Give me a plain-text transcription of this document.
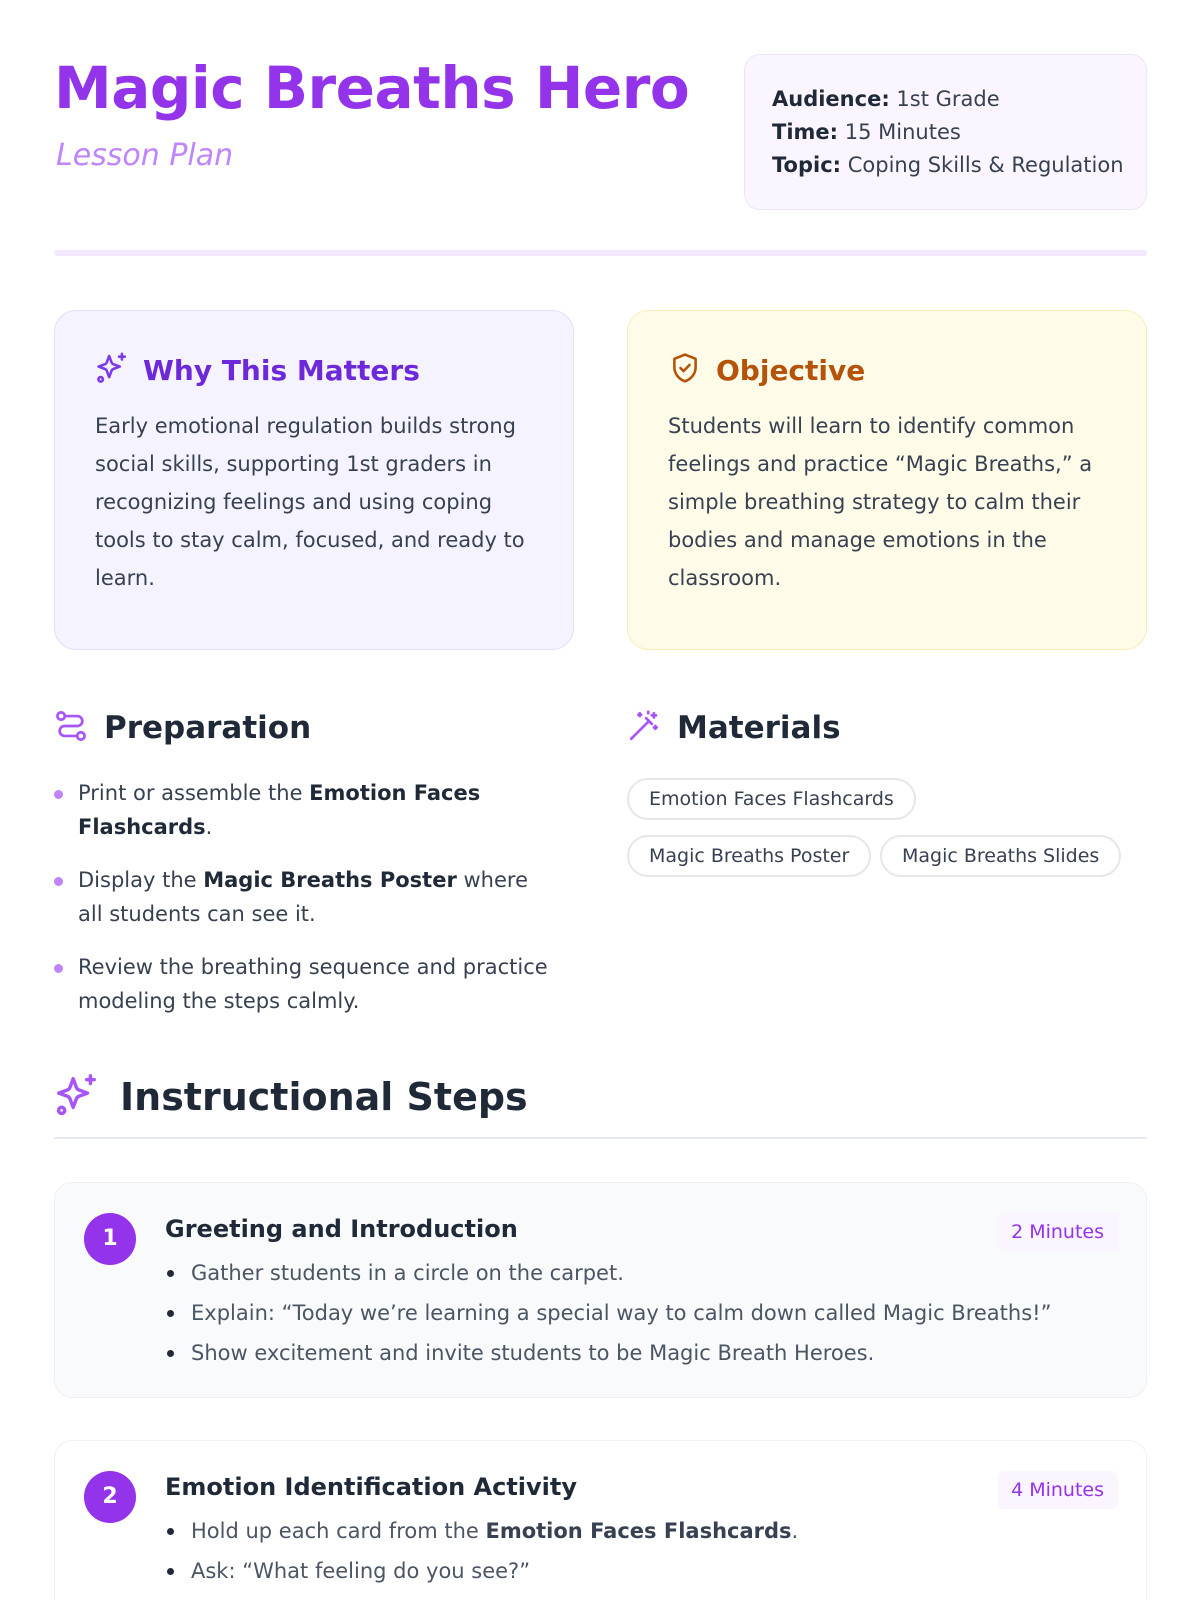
Magic Breaths Hero
Lesson Plan
Audience: 1st Grade
Time: 15 Minutes
Topic: Coping Skills & Regulation
Why This Matters

Early emotional regulation builds strong social skills, supporting 1st graders in recognizing feelings and using coping tools to stay calm, focused, and ready to learn.

Objective

Students will learn to identify common feelings and practice “Magic Breaths,” a simple breathing strategy to calm their bodies and manage emotions in the classroom.

Preparation
Print or assemble the Emotion Faces Flashcards.
Display the Magic Breaths Poster where all students can see it.
Review the breathing sequence and practice modeling the steps calmly.
Materials
Emotion Faces Flashcards
Magic Breaths Poster	Magic Breaths Slides
Instructional Steps
1	Greeting and Introduction	2 Minutes
Gather students in a circle on the carpet.
Explain: “Today we’re learning a special way to calm down called Magic Breaths!”
Show excitement and invite students to be Magic Breath Heroes.
2	Emotion Identification Activity	4 Minutes
Hold up each card from the Emotion Faces Flashcards.
Ask: “What feeling do you see?”
